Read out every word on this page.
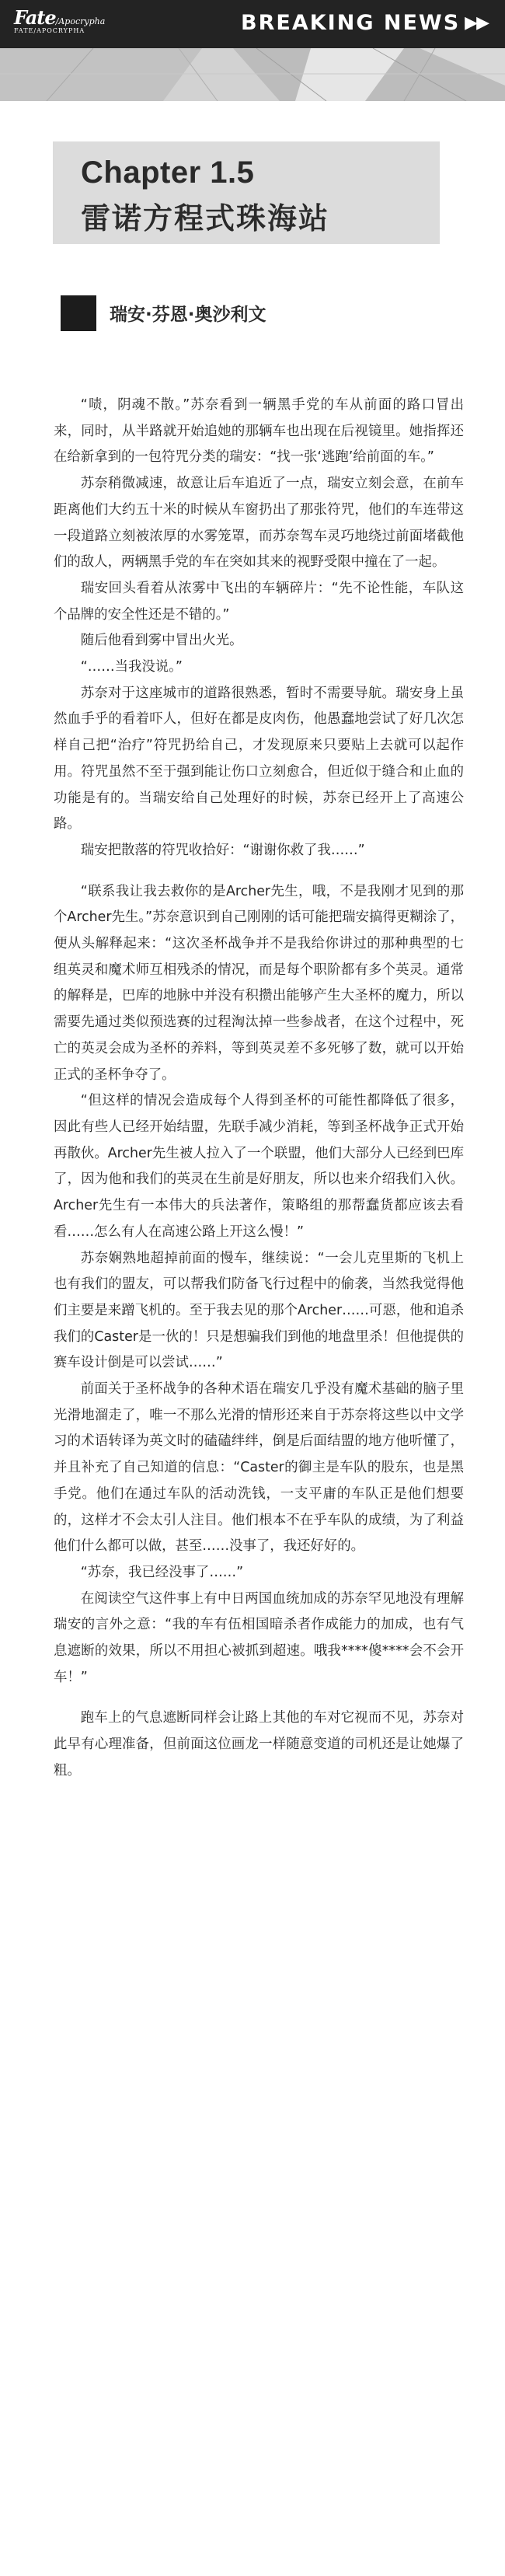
Fate/Apocrypha
FATE/APOCRYPHA	BREAKING NEWS ▶▶
Chapter 1.5
雷诺方程式珠海站
瑞安·芬恩·奥沙利文

“啧，阴魂不散。”苏奈看到一辆黑手党的车从前面的路口冒出来，同时，从半路就开始追她的那辆车也出现在后视镜里。她指挥还在给新拿到的一包符咒分类的瑞安：“找一张‘逃跑’给前面的车。”

苏奈稍微减速，故意让后车追近了一点，瑞安立刻会意，在前车距离他们大约五十米的时候从车窗扔出了那张符咒，他们的车连带这一段道路立刻被浓厚的水雾笼罩，而苏奈驾车灵巧地绕过前面堵截他们的敌人，两辆黑手党的车在突如其来的视野受限中撞在了一起。

瑞安回头看着从浓雾中飞出的车辆碎片：“先不论性能，车队这个品牌的安全性还是不错的。”

随后他看到雾中冒出火光。

“……当我没说。”

苏奈对于这座城市的道路很熟悉，暂时不需要导航。瑞安身上虽然血手乎的看着吓人，但好在都是皮肉伤，他愚蠢地尝试了好几次怎样自己把“治疗”符咒扔给自己，才发现原来只要贴上去就可以起作用。符咒虽然不至于强到能让伤口立刻愈合，但近似于缝合和止血的功能是有的。当瑞安给自己处理好的时候，苏奈已经开上了高速公路。

瑞安把散落的符咒收拾好：“谢谢你救了我……”

“联系我让我去救你的是Archer先生，哦，不是我刚才见到的那个Archer先生。”苏奈意识到自己刚刚的话可能把瑞安搞得更糊涂了，便从头解释起来：“这次圣杯战争并不是我给你讲过的那种典型的七组英灵和魔术师互相残杀的情况，而是每个职阶都有多个英灵。通常的解释是，巴库的地脉中并没有积攒出能够产生大圣杯的魔力，所以需要先通过类似预选赛的过程淘汰掉一些参战者，在这个过程中，死亡的英灵会成为圣杯的养料，等到英灵差不多死够了数，就可以开始正式的圣杯争夺了。

“但这样的情况会造成每个人得到圣杯的可能性都降低了很多，因此有些人已经开始结盟，先联手减少消耗，等到圣杯战争正式开始再散伙。Archer先生被人拉入了一个联盟，他们大部分人已经到巴库了，因为他和我们的英灵在生前是好朋友，所以也来介绍我们入伙。Archer先生有一本伟大的兵法著作，策略组的那帮蠢货都应该去看看……怎么有人在高速公路上开这么慢！”

苏奈娴熟地超掉前面的慢车，继续说：“一会儿克里斯的飞机上也有我们的盟友，可以帮我们防备飞行过程中的偷袭，当然我觉得他们主要是来蹭飞机的。至于我去见的那个Archer……可惡，他和追杀我们的Caster是一伙的！只是想骗我们到他的地盘里杀！但他提供的赛车设计倒是可以尝试……”

前面关于圣杯战争的各种术语在瑞安几乎没有魔术基础的脑子里光滑地溜走了，唯一不那么光滑的情形还来自于苏奈将这些以中文学习的术语转译为英文时的磕磕绊绊，倒是后面结盟的地方他听懂了，并且补充了自己知道的信息：“Caster的御主是车队的股东，也是黑手党。他们在通过车队的活动洗钱，一支平庸的车队正是他们想要的，这样才不会太引人注目。他们根本不在乎车队的成绩，为了利益他们什么都可以做，甚至……没事了，我还好好的。

“苏奈，我已经没事了……”

在阅读空气这件事上有中日两国血统加成的苏奈罕见地没有理解瑞安的言外之意：“我的车有伍相国暗杀者作成能力的加成，也有气息遮断的效果，所以不用担心被抓到超速。哦我****傻****会不会开车！”

跑车上的气息遮断同样会让路上其他的车对它视而不见，苏奈对此早有心理准备，但前面这位画龙一样随意变道的司机还是让她爆了粗。
